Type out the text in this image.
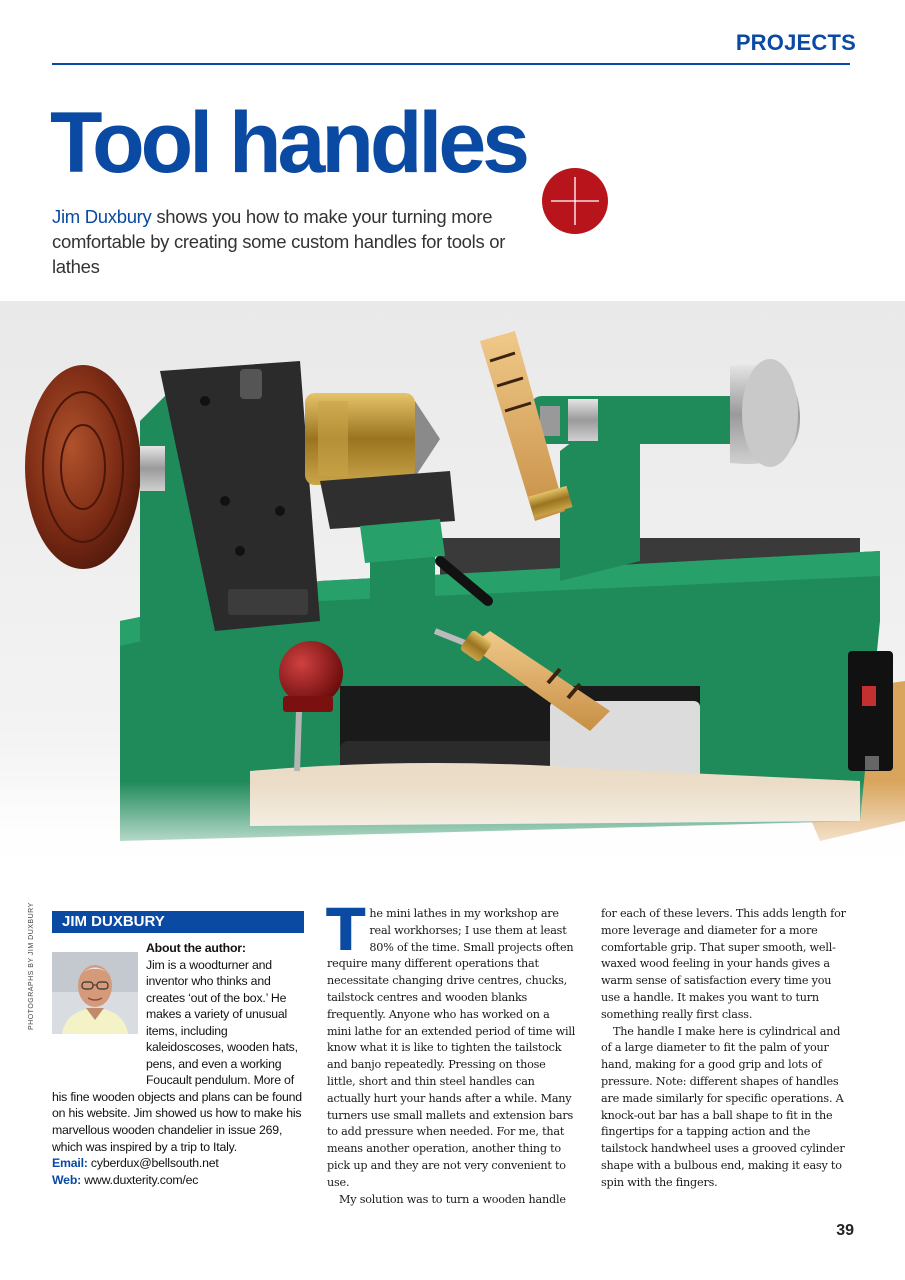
PROJECTS
Tool handles

Jim Duxbury shows you how to make your turning more comfortable by creating some custom handles for tools or lathes

JIM DUXBURY
PHOTOGRAPHS BY JIM DUXBURY	About the author:
Jim is a woodturner and inventor who thinks and creates ‘out of the box.’ He makes a variety of unusual items, including kaleidoscoses, wooden hats, pens, and even a working Foucault pendulum. More of his fine wooden objects and plans can be found on his website. Jim showed us how to make his marvellous wooden chandelier in issue 269, which was inspired by a trip to Italy.
Email: cyberdux@bellsouth.net
Web: www.duxterity.com/ec

The mini lathes in my workshop are real workhorses; I use them at least 80% of the time. Small projects often require many different operations that necessitate changing drive centres, chucks, tailstock centres and wooden blanks frequently. Anyone who has worked on a mini lathe for an extended period of time will know what it is like to tighten the tailstock and banjo repeatedly. Pressing on those little, short and thin steel handles can actually hurt your hands after a while. Many turners use small mallets and extension bars to add pressure when needed. For me, that means another operation, another thing to pick up and they are not very convenient to use.

My solution was to turn a wooden handle

for each of these levers. This adds length for more leverage and diameter for a more comfortable grip. That super smooth, well-waxed wood feeling in your hands gives a warm sense of satisfaction every time you use a handle. It makes you want to turn something really first class.

The handle I make here is cylindrical and of a large diameter to fit the palm of your hand, making for a good grip and lots of pressure. Note: different shapes of handles are made similarly for specific operations. A knock-out bar has a ball shape to fit in the fingertips for a tapping action and the tailstock handwheel uses a grooved cylinder shape with a bulbous end, making it easy to spin with the fingers.

39
